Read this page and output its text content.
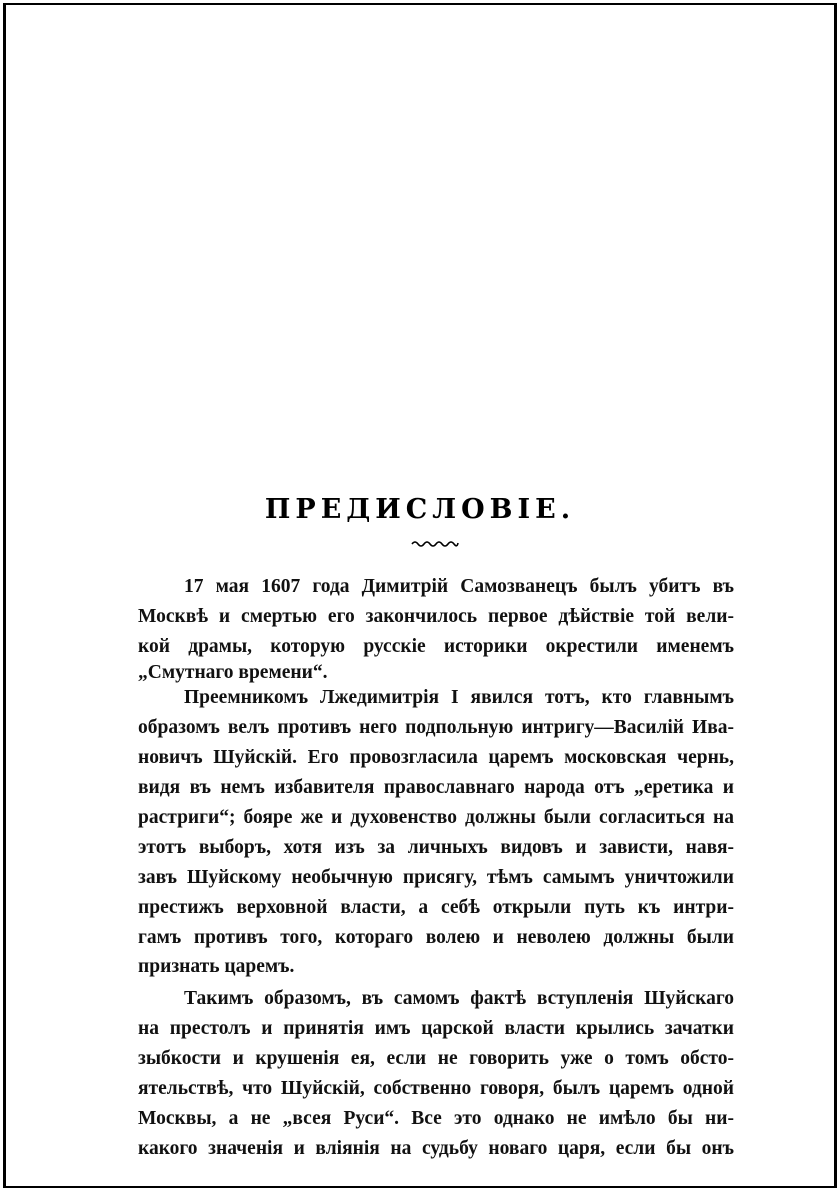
ПРЕДИСЛОВІЕ.
17 мая 1607 года Димитрій Самозванецъ былъ убитъ въ
Москвѣ и смертью его закончилось первое дѣйствіе той вели-
кой драмы, которую русскіе историки окрестили именемъ
„Смутнаго времени“.
Преемникомъ Лжедимитрія I явился тотъ, кто главнымъ
образомъ велъ противъ него подпольную интригу—Василій Ива-
новичъ Шуйскій. Его провозгласила царемъ московская чернь,
видя въ немъ избавителя православнаго народа отъ „еретика и
растриги“; бояре же и духовенство должны были согласиться на
этотъ выборъ, хотя изъ за личныхъ видовъ и зависти, навя-
завъ Шуйскому необычную присягу, тѣмъ самымъ уничтожили
престижъ верховной власти, а себѣ открыли путь къ интри-
гамъ противъ того, котораго волею и неволею должны были
признать царемъ.
Такимъ образомъ, въ самомъ фактѣ вступленія Шуйскаго
на престолъ и принятія имъ царской власти крылись зачатки
зыбкости и крушенія ея, если не говорить уже о томъ обсто-
ятельствѣ, что Шуйскій, собственно говоря, былъ царемъ одной
Москвы, а не „всея Руси“. Все это однако не имѣло бы ни-
какого значенія и вліянія на судьбу новаго царя, если бы онъ
